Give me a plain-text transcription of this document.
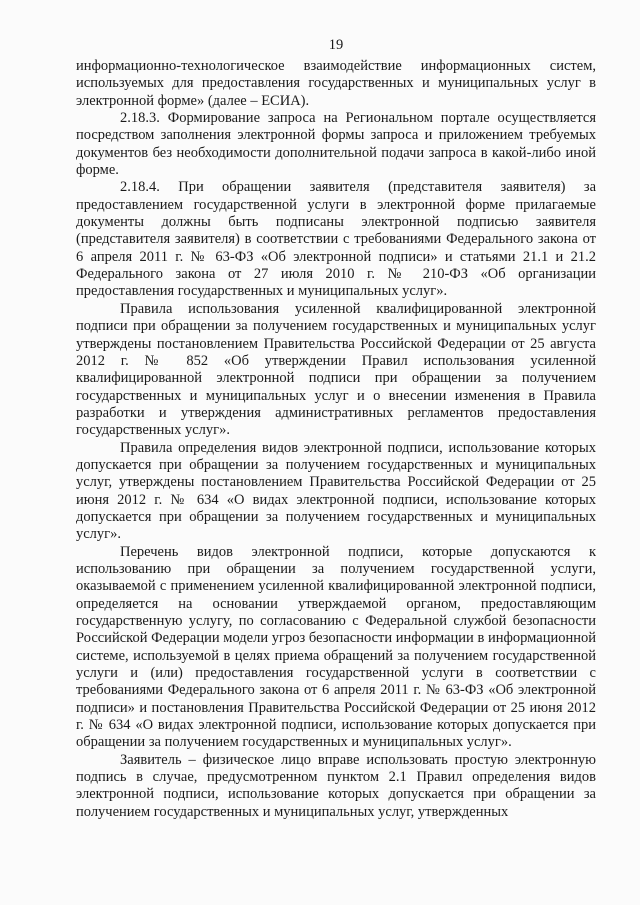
19

информационно-технологическое взаимодействие информационных систем, используемых для предоставления государственных и муниципальных услуг в электронной форме» (далее – ЕСИА).

2.18.3. Формирование запроса на Региональном портале осуществляется посредством заполнения электронной формы запроса и приложением требуемых документов без необходимости дополнительной подачи запроса в какой-либо иной форме.

2.18.4. При обращении заявителя (представителя заявителя) за предоставлением государственной услуги в электронной форме прилагаемые документы должны быть подписаны электронной подписью заявителя (представителя заявителя) в соответствии с требованиями Федерального закона от 6 апреля 2011 г. № 63-ФЗ «Об электронной подписи» и статьями 21.1 и 21.2 Федерального закона от 27 июля 2010 г. № 210-ФЗ «Об организации предоставления государственных и муниципальных услуг».

Правила использования усиленной квалифицированной электронной подписи при обращении за получением государственных и муниципальных услуг утверждены постановлением Правительства Российской Федерации от 25 августа 2012 г. № 852 «Об утверждении Правил использования усиленной квалифицированной электронной подписи при обращении за получением государственных и муниципальных услуг и о внесении изменения в Правила разработки и утверждения административных регламентов предоставления государственных услуг».

Правила определения видов электронной подписи, использование которых допускается при обращении за получением государственных и муниципальных услуг, утверждены постановлением Правительства Российской Федерации от 25 июня 2012 г. № 634 «О видах электронной подписи, использование которых допускается при обращении за получением государственных и муниципальных услуг».

Перечень видов электронной подписи, которые допускаются к использованию при обращении за получением государственной услуги, оказываемой с применением усиленной квалифицированной электронной подписи, определяется на основании утверждаемой органом, предоставляющим государственную услугу, по согласованию с Федеральной службой безопасности Российской Федерации модели угроз безопасности информации в информационной системе, используемой в целях приема обращений за получением государственной услуги и (или) предоставления государственной услуги в соответствии с требованиями Федерального закона от 6 апреля 2011 г. № 63-ФЗ «Об электронной подписи» и постановления Правительства Российской Федерации от 25 июня 2012 г. № 634 «О видах электронной подписи, использование которых допускается при обращении за получением государственных и муниципальных услуг».

Заявитель – физическое лицо вправе использовать простую электронную подпись в случае, предусмотренном пунктом 2.1 Правил определения видов электронной подписи, использование которых допускается при обращении за получением государственных и муниципальных услуг, утвержденных
